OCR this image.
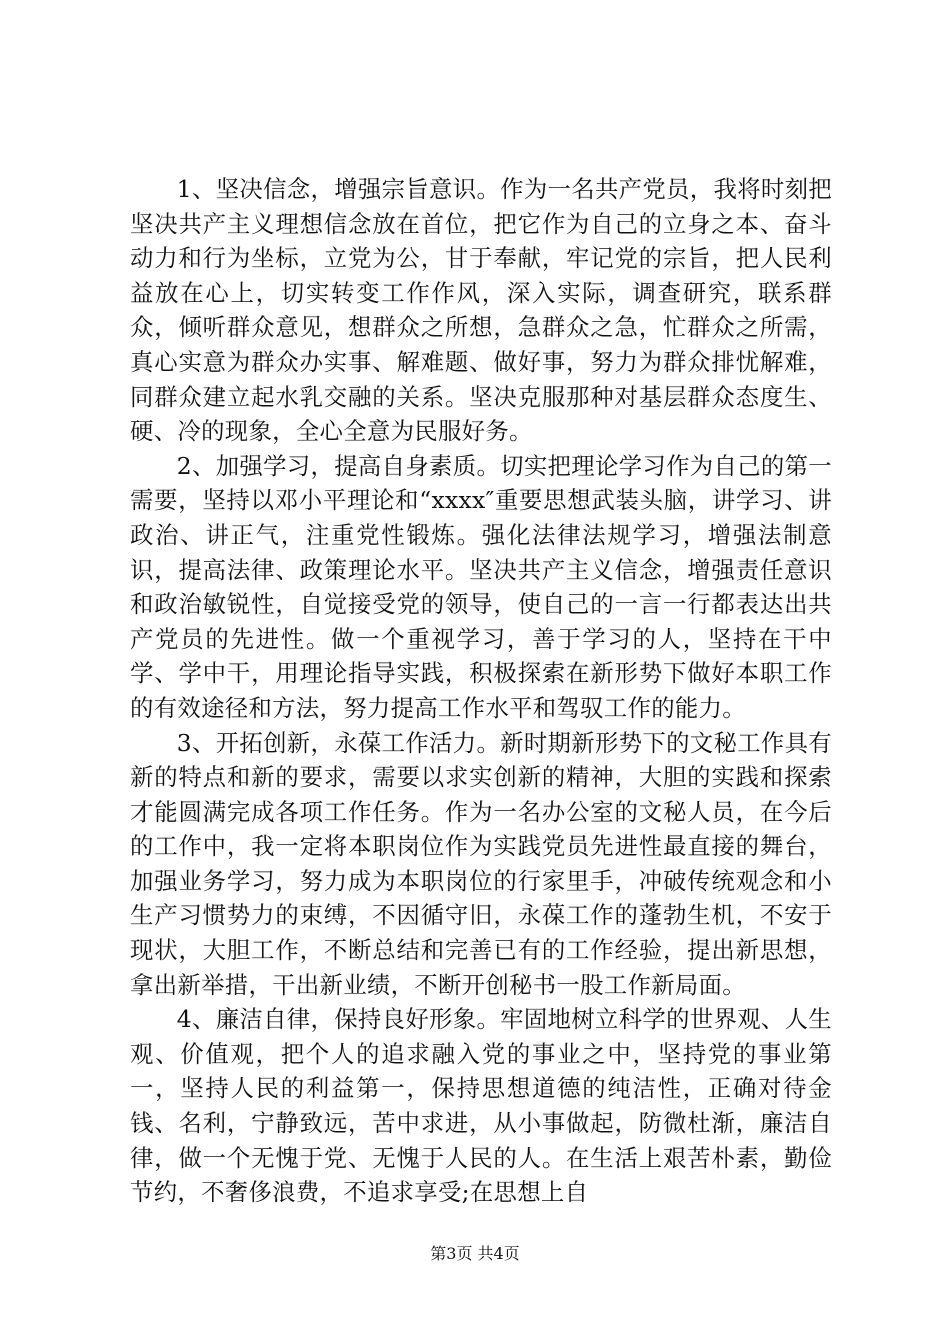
1、坚决信念，增强宗旨意识。作为一名共产党员，我将时刻把坚决共产主义理想信念放在首位，把它作为自己的立身之本、奋斗动力和行为坐标，立党为公，甘于奉献，牢记党的宗旨，把人民利益放在心上，切实转变工作作风，深入实际，调查研究，联系群众，倾听群众意见，想群众之所想，急群众之急，忙群众之所需，真心实意为群众办实事、解难题、做好事，努力为群众排忧解难，同群众建立起水乳交融的关系。坚决克服那种对基层群众态度生、硬、冷的现象，全心全意为民服好务。

2、加强学习，提高自身素质。切实把理论学习作为自己的第一需要，坚持以邓小平理论和“xxxx″重要思想武装头脑，讲学习、讲政治、讲正气，注重党性锻炼。强化法律法规学习，增强法制意识，提高法律、政策理论水平。坚决共产主义信念，增强责任意识和政治敏锐性，自觉接受党的领导，使自己的一言一行都表达出共产党员的先进性。做一个重视学习，善于学习的人，坚持在干中学、学中干，用理论指导实践，积极探索在新形势下做好本职工作的有效途径和方法，努力提高工作水平和驾驭工作的能力。

3、开拓创新，永葆工作活力。新时期新形势下的文秘工作具有新的特点和新的要求，需要以求实创新的精神，大胆的实践和探索才能圆满完成各项工作任务。作为一名办公室的文秘人员，在今后的工作中，我一定将本职岗位作为实践党员先进性最直接的舞台，加强业务学习，努力成为本职岗位的行家里手，冲破传统观念和小生产习惯势力的束缚，不因循守旧，永葆工作的蓬勃生机，不安于现状，大胆工作，不断总结和完善已有的工作经验，提出新思想，拿出新举措，干出新业绩，不断开创秘书一股工作新局面。

4、廉洁自律，保持良好形象。牢固地树立科学的世界观、人生观、价值观，把个人的追求融入党的事业之中，坚持党的事业第一，坚持人民的利益第一，保持思想道德的纯洁性，正确对待金钱、名利，宁静致远，苦中求进，从小事做起，防微杜渐，廉洁自律，做一个无愧于党、无愧于人民的人。在生活上艰苦朴素，勤俭节约，不奢侈浪费，不追求享受;在思想上自

第3页 共4页
